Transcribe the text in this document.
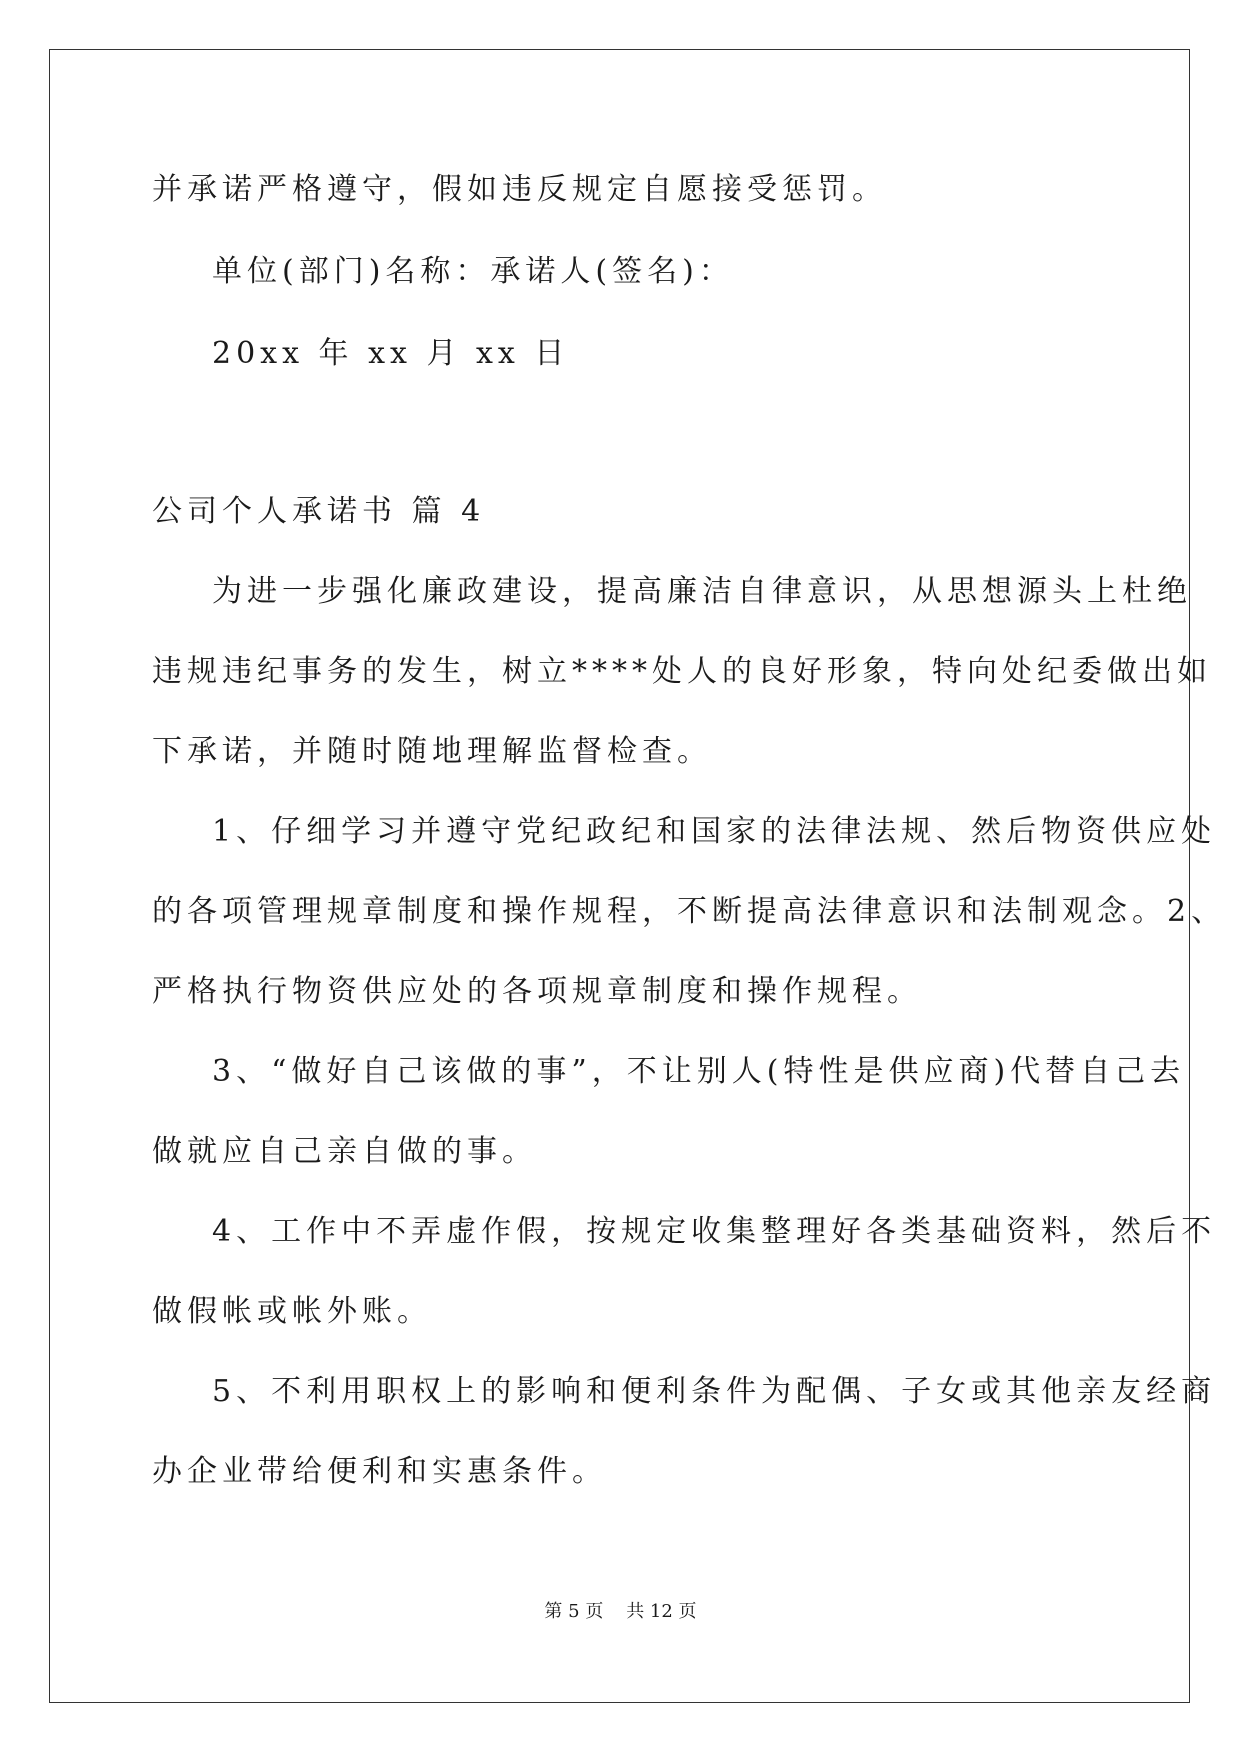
并承诺严格遵守，假如违反规定自愿接受惩罚。
单位(部门)名称：承诺人(签名)：
20xx 年 xx 月 xx 日
公司个人承诺书 篇 4
为进一步强化廉政建设，提高廉洁自律意识，从思想源头上杜绝
违规违纪事务的发生，树立****处人的良好形象，特向处纪委做出如
下承诺，并随时随地理解监督检查。
1、仔细学习并遵守党纪政纪和国家的法律法规、然后物资供应处
的各项管理规章制度和操作规程，不断提高法律意识和法制观念。2、
严格执行物资供应处的各项规章制度和操作规程。
3、“做好自己该做的事”，不让别人(特性是供应商)代替自己去
做就应自己亲自做的事。
4、工作中不弄虚作假，按规定收集整理好各类基础资料，然后不
做假帐或帐外账。
5、不利用职权上的影响和便利条件为配偶、子女或其他亲友经商
办企业带给便利和实惠条件。
第 5 页    共 12 页
